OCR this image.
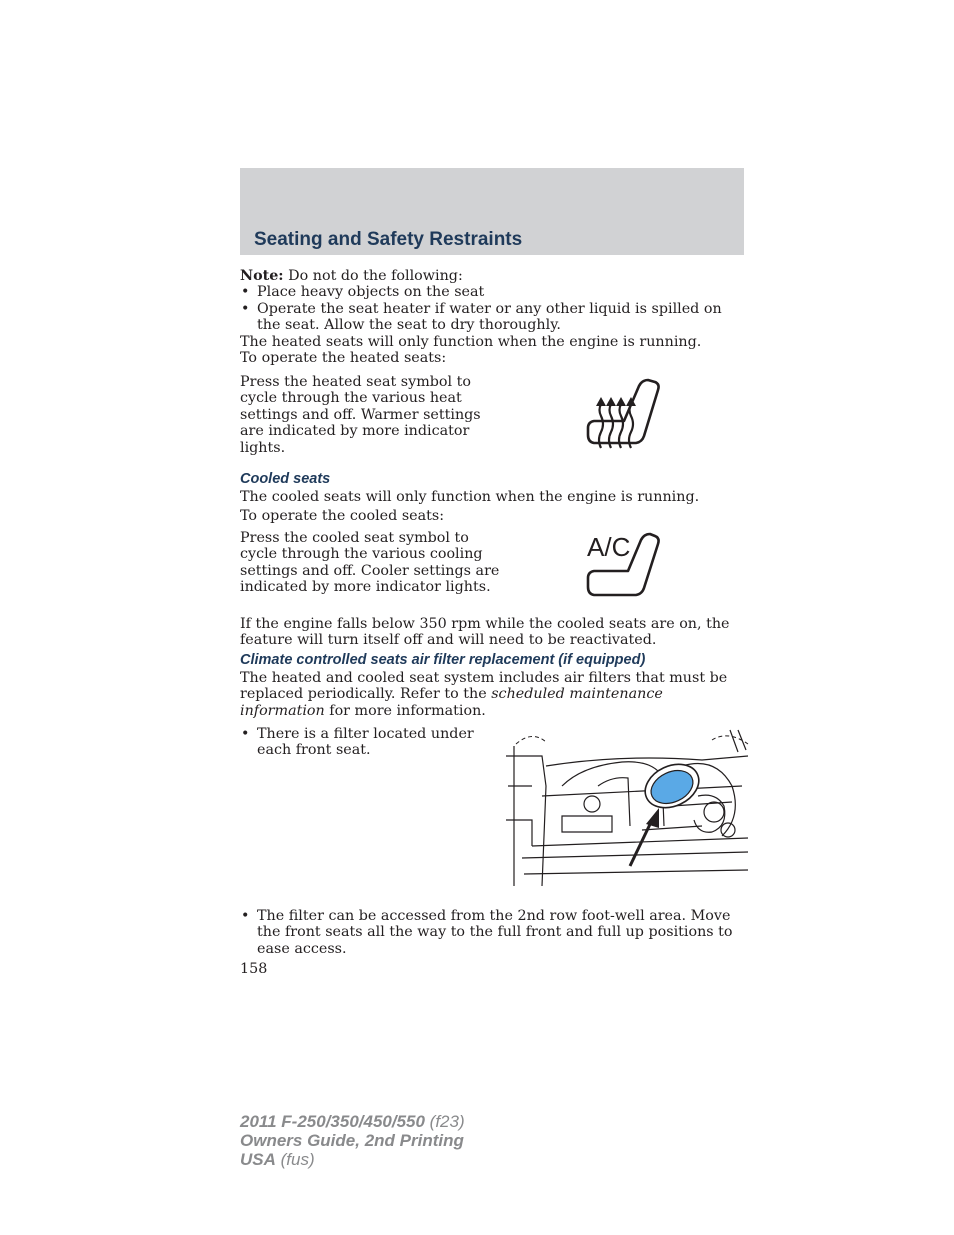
Seating and Safety Restraints
Note: Do not do the following:
• Place heavy objects on the seat
• Operate the seat heater if water or any other liquid is spilled on the seat. Allow the seat to dry thoroughly.
The heated seats will only function when the engine is running.
To operate the heated seats:
Press the heated seat symbol to cycle through the various heat settings and off. Warmer settings are indicated by more indicator lights.
Cooled seats
The cooled seats will only function when the engine is running.
To operate the cooled seats:
Press the cooled seat symbol to cycle through the various cooling settings and off. Cooler settings are indicated by more indicator lights.
A/C
If the engine falls below 350 rpm while the cooled seats are on, the feature will turn itself off and will need to be reactivated.
Climate controlled seats air filter replacement (if equipped)
The heated and cooled seat system includes air filters that must be replaced periodically. Refer to the scheduled maintenance information for more information.
• There is a filter located under each front seat.
• The filter can be accessed from the 2nd row foot-well area. Move the front seats all the way to the full front and full up positions to ease access.
158
2011 F-250/350/450/550 (f23)
Owners Guide, 2nd Printing
USA (fus)
